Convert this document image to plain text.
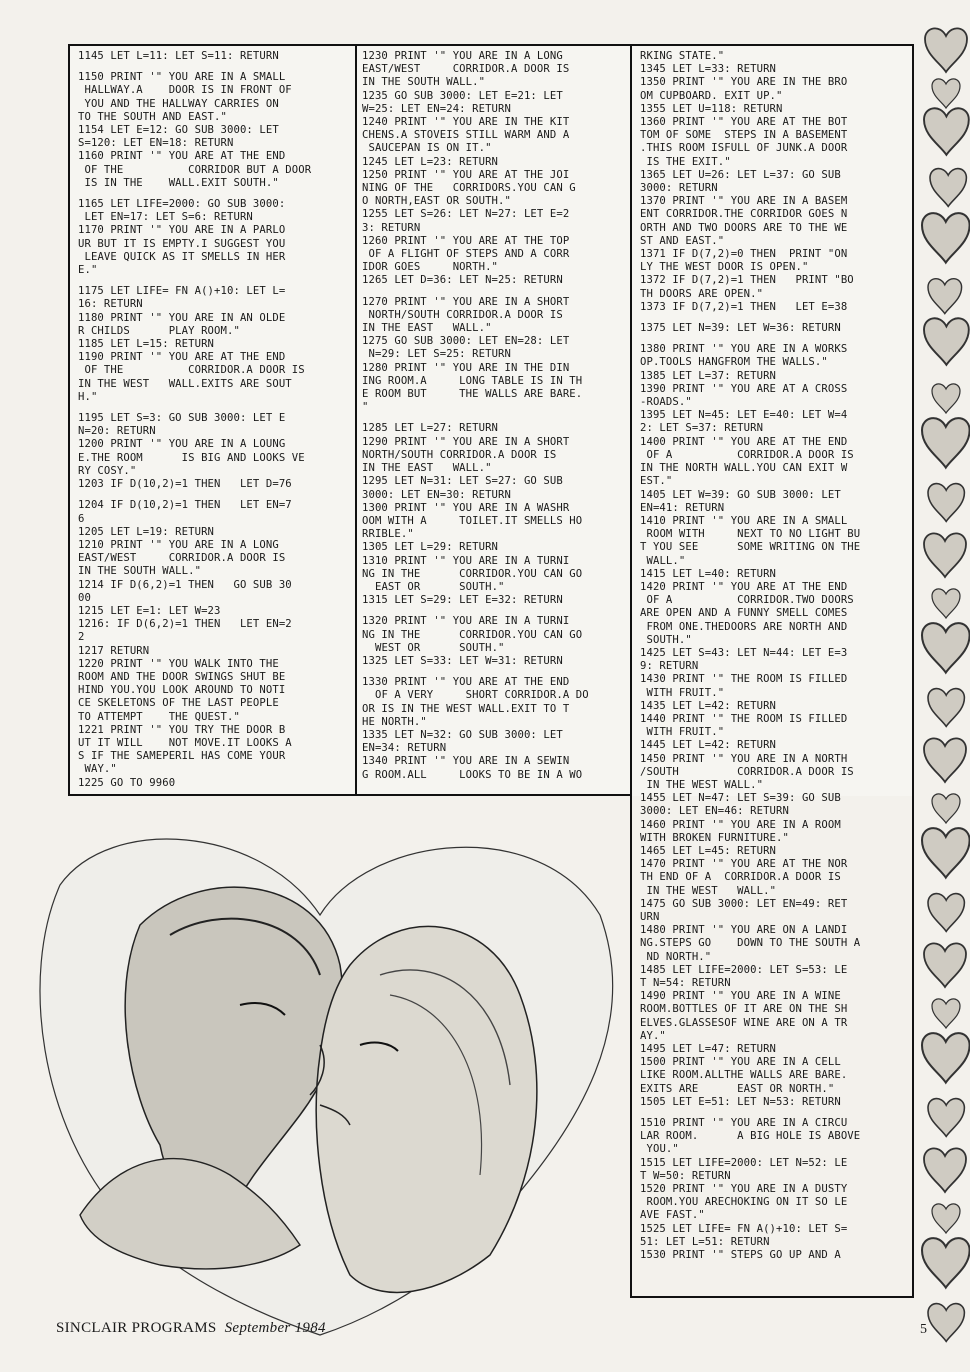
1145 LET L=11: LET S=11: RETURN
1150 PRINT '" YOU ARE IN A SMALL
HALLWAY.A    DOOR IS IN FRONT OF
YOU AND THE HALLWAY CARRIES ON
TO THE SOUTH AND EAST."
1154 LET E=12: GO SUB 3000: LET
S=120: LET EN=18: RETURN
1160 PRINT '" YOU ARE AT THE END
OF THE          CORRIDOR BUT A DOOR
IS IN THE    WALL.EXIT SOUTH."
1165 LET LIFE=2000: GO SUB 3000:
LET EN=17: LET S=6: RETURN
1170 PRINT '" YOU ARE IN A PARLO
UR BUT IT IS EMPTY.I SUGGEST YOU
LEAVE QUICK AS IT SMELLS IN HER
E."
1175 LET LIFE= FN A()+10: LET L=
16: RETURN
1180 PRINT '" YOU ARE IN AN OLDE
R CHILDS      PLAY ROOM."
1185 LET L=15: RETURN
1190 PRINT '" YOU ARE AT THE END
OF THE          CORRIDOR.A DOOR IS
IN THE WEST   WALL.EXITS ARE SOUT
H."
1195 LET S=3: GO SUB 3000: LET E
N=20: RETURN
1200 PRINT '" YOU ARE IN A LOUNG
E.THE ROOM      IS BIG AND LOOKS VE
RY COSY."
1203 IF D(10,2)=1 THEN   LET D=76
1204 IF D(10,2)=1 THEN   LET EN=7
6
1205 LET L=19: RETURN
1210 PRINT '" YOU ARE IN A LONG
EAST/WEST     CORRIDOR.A DOOR IS
IN THE SOUTH WALL."
1214 IF D(6,2)=1 THEN   GO SUB 30
00
1215 LET E=1: LET W=23
1216: IF D(6,2)=1 THEN   LET EN=2
2
1217 RETURN
1220 PRINT '" YOU WALK INTO THE
ROOM AND THE DOOR SWINGS SHUT BE
HIND YOU.YOU LOOK AROUND TO NOTI
CE SKELETONS OF THE LAST PEOPLE
TO ATTEMPT    THE QUEST."
1221 PRINT '" YOU TRY THE DOOR B
UT IT WILL    NOT MOVE.IT LOOKS A
S IF THE SAMEPERIL HAS COME YOUR
WAY."
1225 GO TO 9960
1230 PRINT '" YOU ARE IN A LONG
EAST/WEST     CORRIDOR.A DOOR IS
IN THE SOUTH WALL."
1235 GO SUB 3000: LET E=21: LET
W=25: LET EN=24: RETURN
1240 PRINT '" YOU ARE IN THE KIT
CHENS.A STOVEIS STILL WARM AND A
SAUCEPAN IS ON IT."
1245 LET L=23: RETURN
1250 PRINT '" YOU ARE AT THE JOI
NING OF THE   CORRIDORS.YOU CAN G
O NORTH,EAST OR SOUTH."
1255 LET S=26: LET N=27: LET E=2
3: RETURN
1260 PRINT '" YOU ARE AT THE TOP
OF A FLIGHT OF STEPS AND A CORR
IDOR GOES     NORTH."
1265 LET D=36: LET N=25: RETURN
1270 PRINT '" YOU ARE IN A SHORT
NORTH/SOUTH CORRIDOR.A DOOR IS
IN THE EAST   WALL."
1275 GO SUB 3000: LET EN=28: LET
N=29: LET S=25: RETURN
1280 PRINT '" YOU ARE IN THE DIN
ING ROOM.A     LONG TABLE IS IN TH
E ROOM BUT     THE WALLS ARE BARE.
"
1285 LET L=27: RETURN
1290 PRINT '" YOU ARE IN A SHORT
NORTH/SOUTH CORRIDOR.A DOOR IS
IN THE EAST   WALL."
1295 LET N=31: LET S=27: GO SUB
3000: LET EN=30: RETURN
1300 PRINT '" YOU ARE IN A WASHR
OOM WITH A     TOILET.IT SMELLS HO
RRIBLE."
1305 LET L=29: RETURN
1310 PRINT '" YOU ARE IN A TURNI
NG IN THE      CORRIDOR.YOU CAN GO
EAST OR      SOUTH."
1315 LET S=29: LET E=32: RETURN
1320 PRINT '" YOU ARE IN A TURNI
NG IN THE      CORRIDOR.YOU CAN GO
WEST OR      SOUTH."
1325 LET S=33: LET W=31: RETURN
1330 PRINT '" YOU ARE AT THE END
OF A VERY     SHORT CORRIDOR.A DO
OR IS IN THE WEST WALL.EXIT TO T
HE NORTH."
1335 LET N=32: GO SUB 3000: LET
EN=34: RETURN
1340 PRINT '" YOU ARE IN A SEWIN
G ROOM.ALL     LOOKS TO BE IN A WO
RKING STATE."
1345 LET L=33: RETURN
1350 PRINT '" YOU ARE IN THE BRO
OM CUPBOARD. EXIT UP."
1355 LET U=118: RETURN
1360 PRINT '" YOU ARE AT THE BOT
TOM OF SOME  STEPS IN A BASEMENT
.THIS ROOM ISFULL OF JUNK.A DOOR
IS THE EXIT."
1365 LET U=26: LET L=37: GO SUB
3000: RETURN
1370 PRINT '" YOU ARE IN A BASEM
ENT CORRIDOR.THE CORRIDOR GOES N
ORTH AND TWO DOORS ARE TO THE WE
ST AND EAST."
1371 IF D(7,2)=0 THEN  PRINT "ON
LY THE WEST DOOR IS OPEN."
1372 IF D(7,2)=1 THEN   PRINT "BO
TH DOORS ARE OPEN."
1373 IF D(7,2)=1 THEN   LET E=38
1375 LET N=39: LET W=36: RETURN
1380 PRINT '" YOU ARE IN A WORKS
OP.TOOLS HANGFROM THE WALLS."
1385 LET L=37: RETURN
1390 PRINT '" YOU ARE AT A CROSS
-ROADS."
1395 LET N=45: LET E=40: LET W=4
2: LET S=37: RETURN
1400 PRINT '" YOU ARE AT THE END
OF A          CORRIDOR.A DOOR IS
IN THE NORTH WALL.YOU CAN EXIT W
EST."
1405 LET W=39: GO SUB 3000: LET
EN=41: RETURN
1410 PRINT '" YOU ARE IN A SMALL
ROOM WITH     NEXT TO NO LIGHT BU
T YOU SEE      SOME WRITING ON THE
WALL."
1415 LET L=40: RETURN
1420 PRINT '" YOU ARE AT THE END
OF A          CORRIDOR.TWO DOORS
ARE OPEN AND A FUNNY SMELL COMES
FROM ONE.THEDOORS ARE NORTH AND
SOUTH."
1425 LET S=43: LET N=44: LET E=3
9: RETURN
1430 PRINT '" THE ROOM IS FILLED
WITH FRUIT."
1435 LET L=42: RETURN
1440 PRINT '" THE ROOM IS FILLED
WITH FRUIT."
1445 LET L=42: RETURN
1450 PRINT '" YOU ARE IN A NORTH
/SOUTH         CORRIDOR.A DOOR IS
IN THE WEST WALL."
1455 LET N=47: LET S=39: GO SUB
3000: LET EN=46: RETURN
1460 PRINT '" YOU ARE IN A ROOM
WITH BROKEN FURNITURE."
1465 LET L=45: RETURN
1470 PRINT '" YOU ARE AT THE NOR
TH END OF A  CORRIDOR.A DOOR IS
IN THE WEST   WALL."
1475 GO SUB 3000: LET EN=49: RET
URN
1480 PRINT '" YOU ARE ON A LANDI
NG.STEPS GO    DOWN TO THE SOUTH A
ND NORTH."
1485 LET LIFE=2000: LET S=53: LE
T N=54: RETURN
1490 PRINT '" YOU ARE IN A WINE
ROOM.BOTTLES OF IT ARE ON THE SH
ELVES.GLASSESOF WINE ARE ON A TR
AY."
1495 LET L=47: RETURN
1500 PRINT '" YOU ARE IN A CELL
LIKE ROOM.ALLTHE WALLS ARE BARE.
EXITS ARE      EAST OR NORTH."
1505 LET E=51: LET N=53: RETURN
1510 PRINT '" YOU ARE IN A CIRCU
LAR ROOM.      A BIG HOLE IS ABOVE
YOU."
1515 LET LIFE=2000: LET N=52: LE
T W=50: RETURN
1520 PRINT '" YOU ARE IN A DUSTY
ROOM.YOU ARECHOKING ON IT SO LE
AVE FAST."
1525 LET LIFE= FN A()+10: LET S=
51: LET L=51: RETURN
1530 PRINT '" STEPS GO UP AND A
SINCLAIR PROGRAMS September 1984	5
